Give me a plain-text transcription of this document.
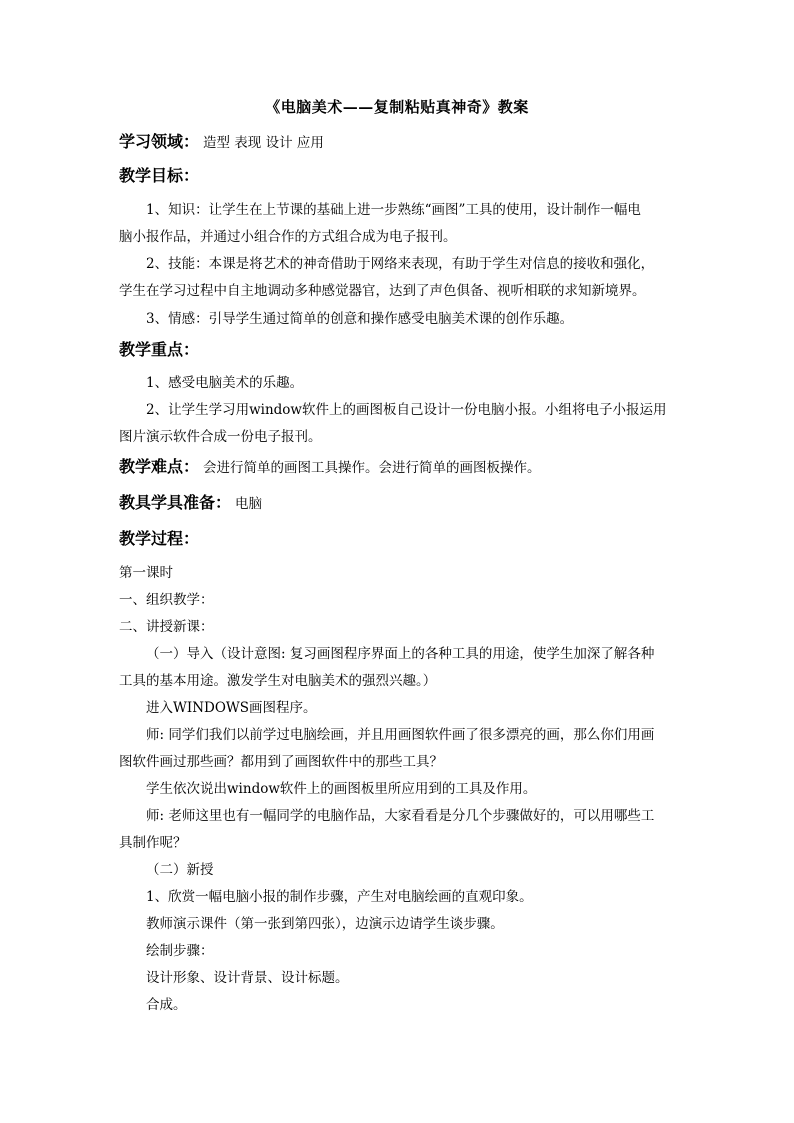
《电脑美术——复制粘贴真神奇》教案
学习领域： 造型 表现 设计 应用
教学目标：
1、知识：让学生在上节课的基础上进一步熟练“画图”工具的使用，设计制作一幅电
脑小报作品，并通过小组合作的方式组合成为电子报刊。
2、技能：本课是将艺术的神奇借助于网络来表现，有助于学生对信息的接收和强化，
学生在学习过程中自主地调动多种感觉器官，达到了声色俱备、视听相联的求知新境界。
3、情感：引导学生通过简单的创意和操作感受电脑美术课的创作乐趣。
教学重点：
1、感受电脑美术的乐趣。
2、让学生学习用window软件上的画图板自己设计一份电脑小报。小组将电子小报运用
图片演示软件合成一份电子报刊。
教学难点： 会进行简单的画图工具操作。会进行简单的画图板操作。
教具学具准备： 电脑
教学过程：
第一课时
一、组织教学：
二、讲授新课：
（一）导入（设计意图: 复习画图程序界面上的各种工具的用途，使学生加深了解各种
工具的基本用途。激发学生对电脑美术的强烈兴趣。）
进入WINDOWS画图程序。
师: 同学们我们以前学过电脑绘画，并且用画图软件画了很多漂亮的画，那么你们用画
图软件画过那些画？都用到了画图软件中的那些工具？
学生依次说出window软件上的画图板里所应用到的工具及作用。
师: 老师这里也有一幅同学的电脑作品，大家看看是分几个步骤做好的，可以用哪些工
具制作呢？
（二）新授
1、欣赏一幅电脑小报的制作步骤，产生对电脑绘画的直观印象。
教师演示课件（第一张到第四张），边演示边请学生谈步骤。
绘制步骤：
设计形象、设计背景、设计标题。
合成。
